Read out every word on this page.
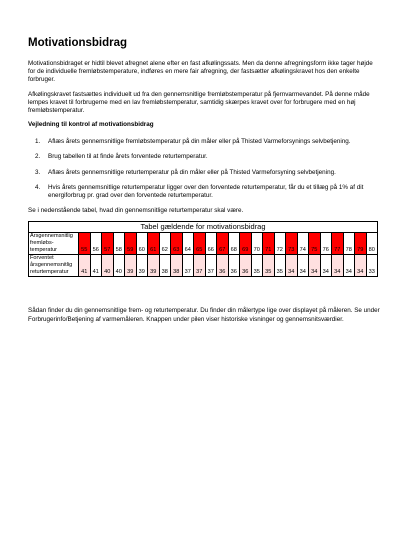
Motivationsbidrag

Motivationsbidraget er hidtil blevet afregnet alene efter en fast afkølingssats. Men da denne afregningsform ikke tager højde for de individuelle fremløbstemperature, indføres en mere fair afregning, der fastsætter afkølingskravet hos den enkelte forbruger.

Afkølingskravet fastsættes individuelt ud fra den gennemsnitlige fremløbstemperatur på fjernvarmevandet. På denne måde lempes kravet til forbrugerne med en lav fremløbstemperatur, samtidig skærpes kravet over for forbrugere med en høj fremløbstemperatur.

Vejledning til kontrol af motivationsbidrag
1. Aflæs årets gennemsnitlige fremløbstemperatur på din måler eller på Thisted Varmeforsynings selvbetjening.
2. Brug tabellen til at finde årets forventede returtemperatur.
3. Aflæs årets gennemsnitlige returtemperatur på din måler eller på Thisted Varmeforsyning selvbetjening.
4. Hvis årets gennemsnitlige returtemperatur ligger over den forventede returtemperatur, får du et tillæg på 1% af dit energiforbrug pr. grad over den forventede returtemperatur.

Se i nedenstående tabel, hvad din gennemsnitlige returtemperatur skal være.

Tabel gældende for motivationsbidrag																										
Årsgennemsnitlig
fremløbs-
temperatur	55	56	57	58	59	60	61	62	63	64	65	66	67	68	69	70	71	72	73	74	75	76	77	78	79	80
Forventet
årsgennemsnitlig
returtemperatur	41	41	40	40	39	39	39	38	38	37	37	37	36	36	36	35	35	35	34	34	34	34	34	34	34	33

Sådan finder du din gennemsnitlige frem- og returtemperatur. Du finder din målertype lige over displayet på måleren. Se under Forbrugerinfo/Betjening af varmemåleren. Knappen under pilen viser historiske visninger og gennemsnitsværdier.
